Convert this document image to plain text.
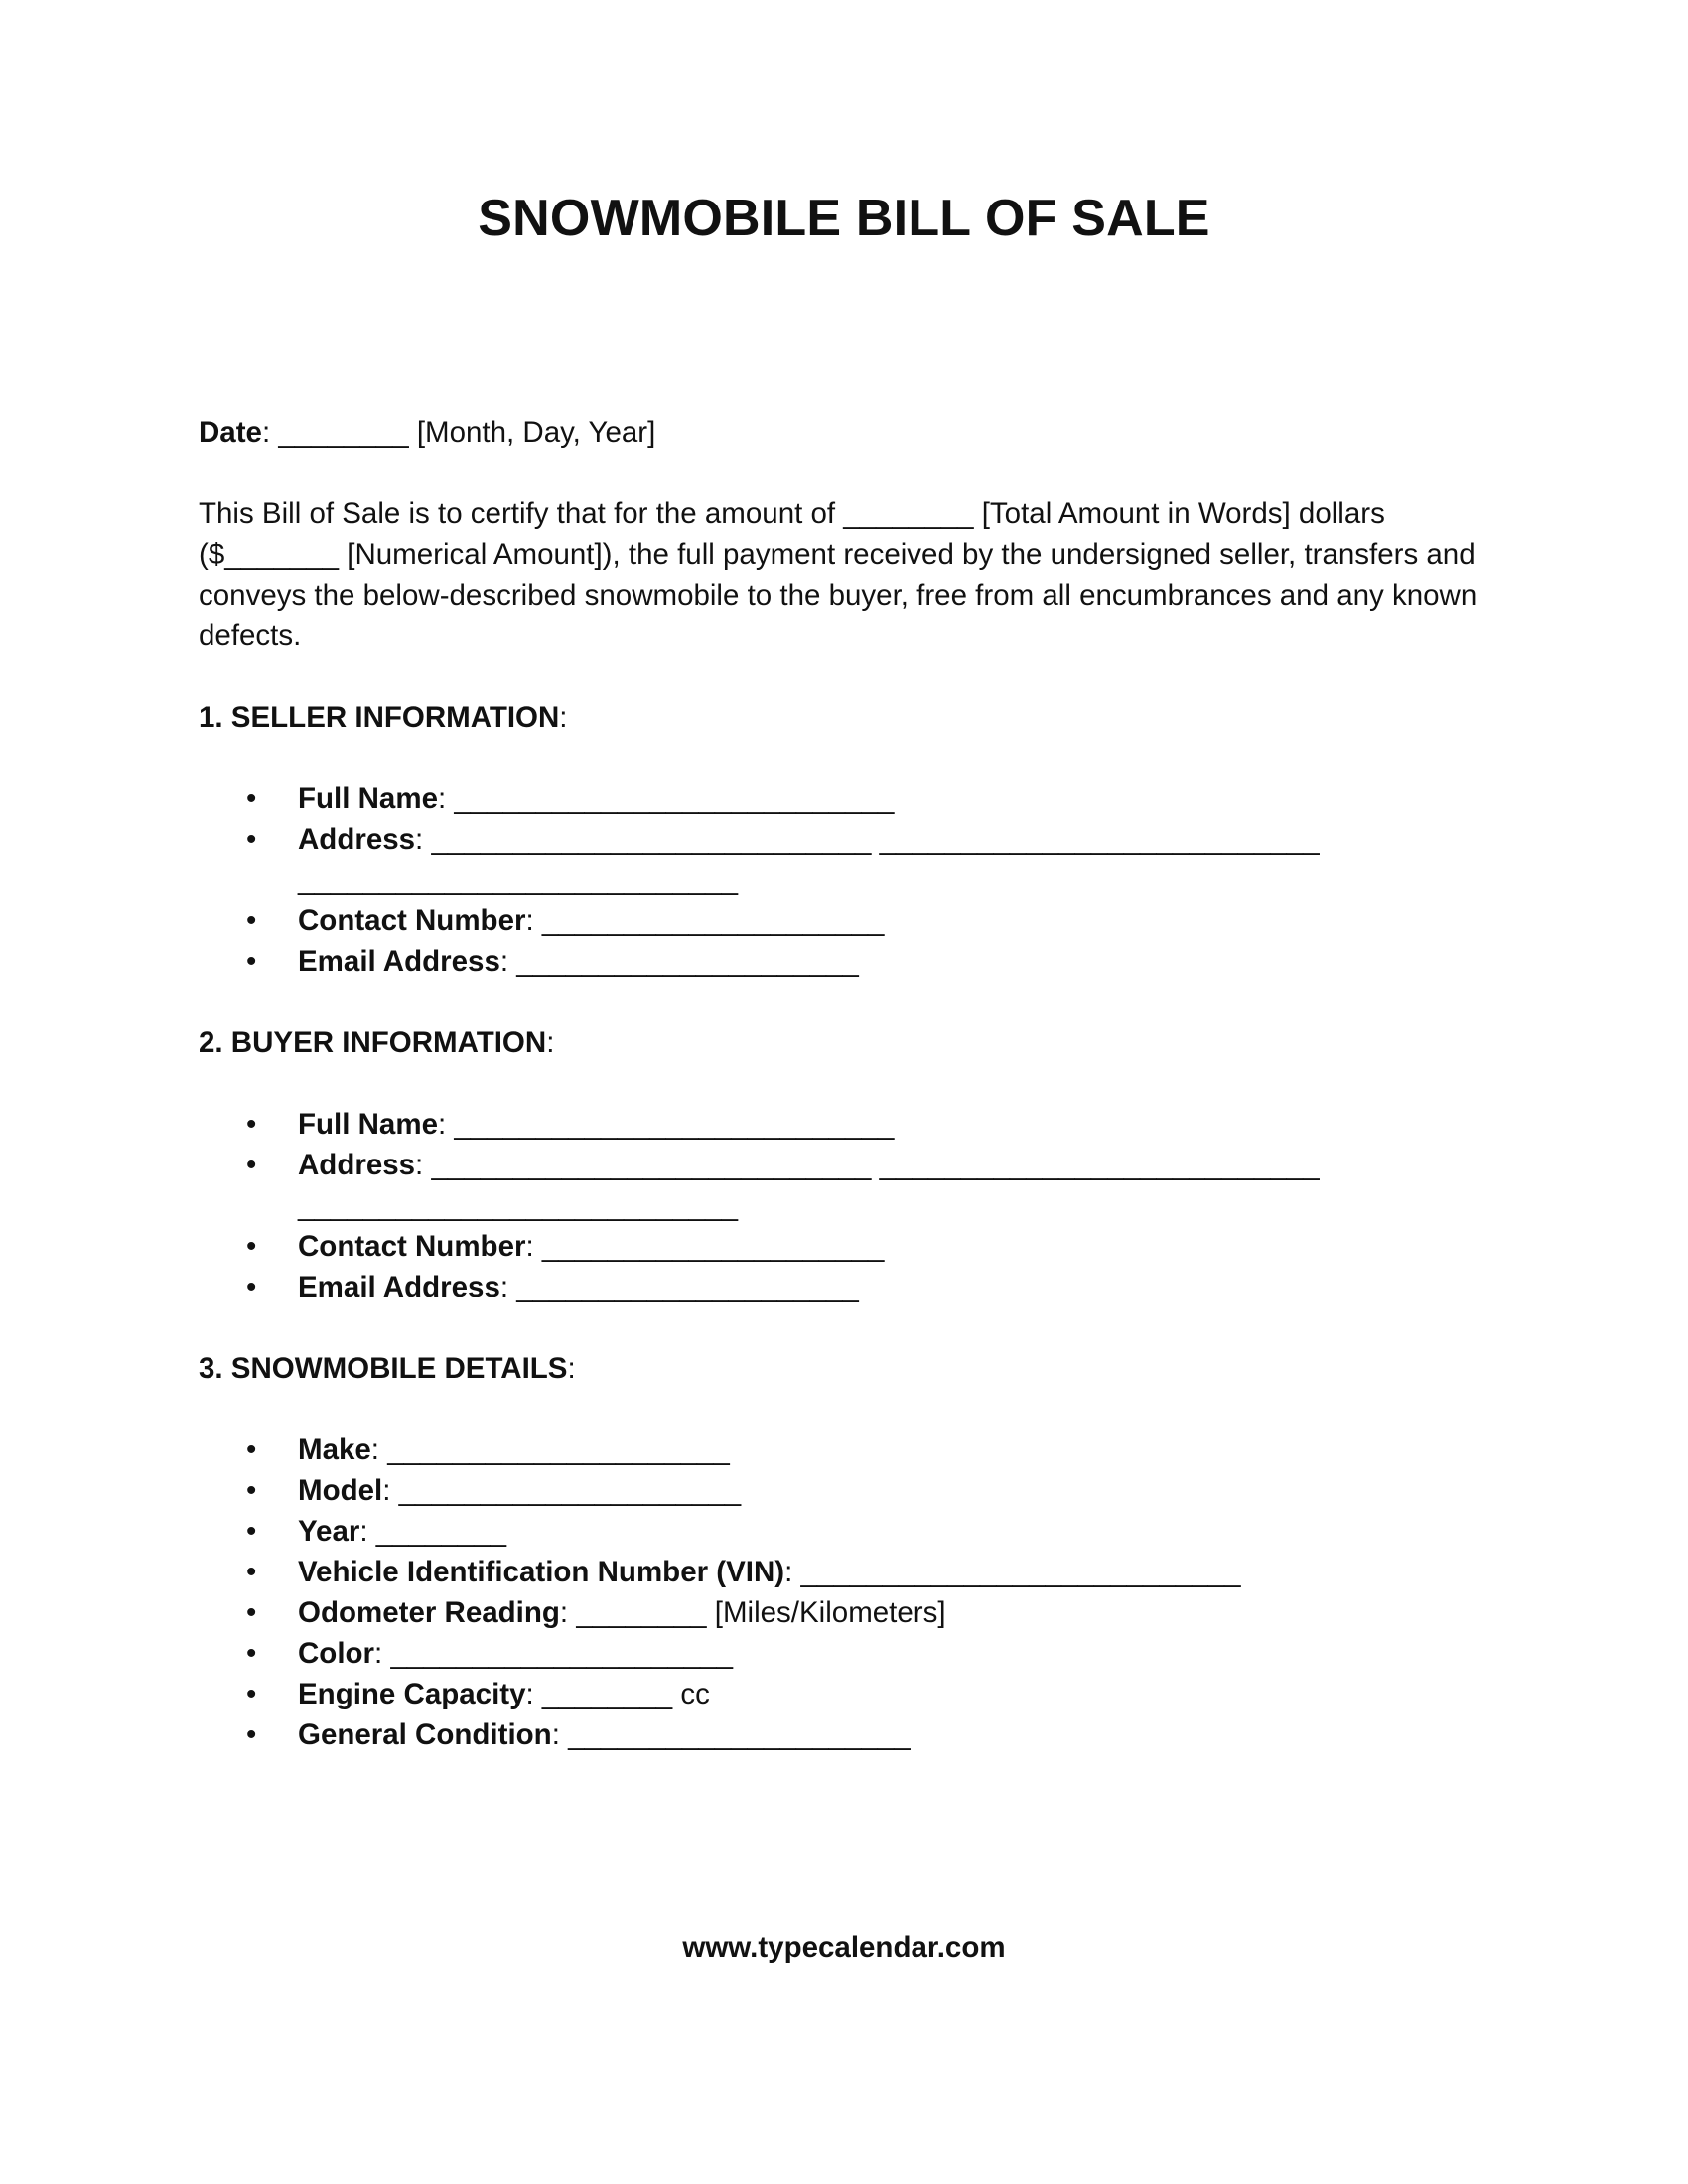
SNOWMOBILE BILL OF SALE
Date: ________ [Month, Day, Year]
This Bill of Sale is to certify that for the amount of ________ [Total Amount in Words] dollars ($_______ [Numerical Amount]), the full payment received by the undersigned seller, transfers and conveys the below-described snowmobile to the buyer, free from all encumbrances and any known defects.
1. SELLER INFORMATION:
•	Full Name: ___________________________
•	Address: ___________________________ ___________________________ ___________________________
•	Contact Number: _____________________
•	Email Address: _____________________
2. BUYER INFORMATION:
•	Full Name: ___________________________
•	Address: ___________________________ ___________________________ ___________________________
•	Contact Number: _____________________
•	Email Address: _____________________
3. SNOWMOBILE DETAILS:
•	Make: _____________________
•	Model: _____________________
•	Year: ________
•	Vehicle Identification Number (VIN): ___________________________
•	Odometer Reading: ________ [Miles/Kilometers]
•	Color: _____________________
•	Engine Capacity: ________ cc
•	General Condition: _____________________
www.typecalendar.com
